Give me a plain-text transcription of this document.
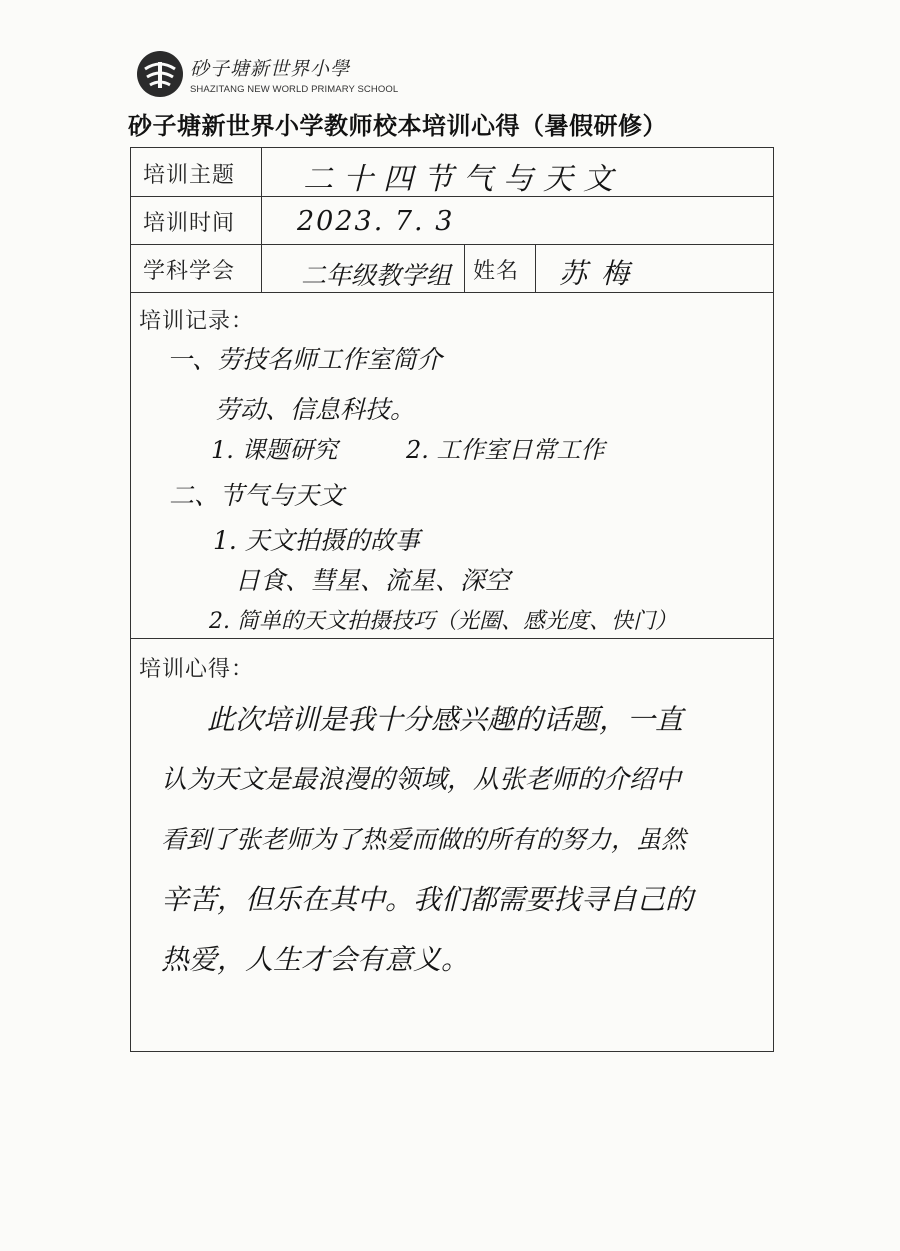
砂子塘新世界小學
SHAZITANG NEW WORLD PRIMARY SCHOOL
砂子塘新世界小学教师校本培训心得（暑假研修）
培训主题 二十四节气与天文
培训时间 2023. 7. 3
学科学会	二年级教学组 姓名 苏梅
培训记录：
一、劳技名师工作室简介
劳动、信息科技。
1. 课题研究	2. 工作室日常工作
二、节气与天文
1. 天文拍摄的故事
日食、彗星、流星、深空
2. 简单的天文拍摄技巧（光圈、感光度、快门）
培训心得：
此次培训是我十分感兴趣的话题，一直
认为天文是最浪漫的领域，从张老师的介绍中
看到了张老师为了热爱而做的所有的努力，虽然
辛苦，但乐在其中。我们都需要找寻自己的
热爱，人生才会有意义。
